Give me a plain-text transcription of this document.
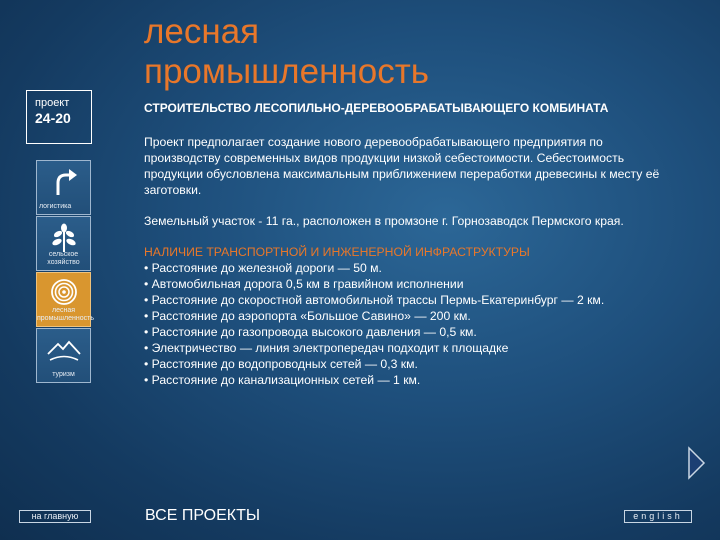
лесная
промышленность
проект
24-20
логистика
сельское
хозяйство
лесная
промышленность
туризм
СТРОИТЕЛЬСТВО ЛЕСОПИЛЬНО-ДЕРЕВООБРАБАТЫВАЮЩЕГО КОМБИНАТА

Проект предполагает создание нового деревообрабатывающего предприятия по производству современных видов продукции низкой себестоимости. Себестоимость продукции обусловлена максимальным приближением переработки древесины к месту её заготовки.

Земельный участок - 11 га., расположен в промзоне г. Горнозаводск Пермского края.

НАЛИЧИЕ ТРАНСПОРТНОЙ И ИНЖЕНЕРНОЙ ИНФРАСТРУКТУРЫ
• Расстояние до железной дороги — 50 м.
• Автомобильная дорога 0,5 км в гравийном исполнении
• Расстояние до скоростной автомобильной трассы Пермь-Екатеринбург — 2 км.
• Расстояние до аэропорта «Большое Савино» — 200 км.
• Расстояние до газопровода высокого давления — 0,5 км.
• Электричество — линия электропередач подходит к площадке
• Расстояние до водопроводных сетей — 0,3 км.
• Расстояние до канализационных сетей — 1 км.
на главную	ВСЕ ПРОЕКТЫ	english
